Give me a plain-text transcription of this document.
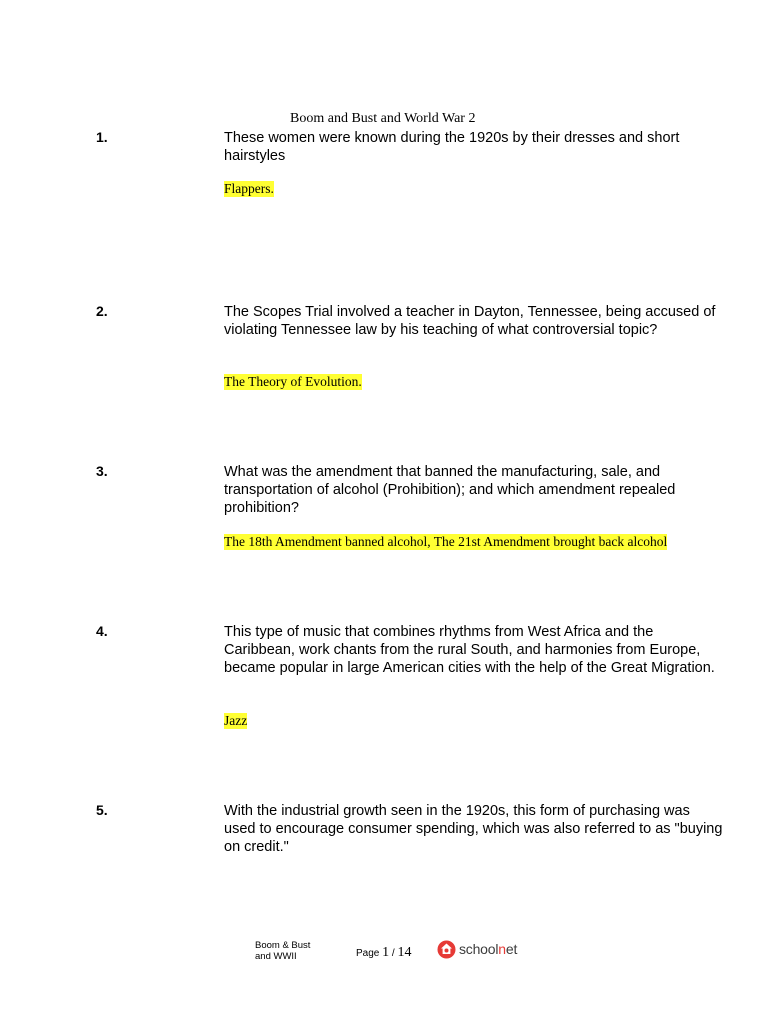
Boom and Bust and World War 2
1.	These women were known during the 1920s by their dresses and short hairstyles
Flappers.
2.	The Scopes Trial involved a teacher in Dayton, Tennessee, being accused of violating Tennessee law by his teaching of what controversial topic?
The Theory of Evolution.
3.	What was the amendment that banned the manufacturing, sale, and transportation of alcohol (Prohibition); and which amendment repealed prohibition?
The 18th Amendment banned alcohol, The 21st Amendment brought back alcohol
4.	This type of music that combines rhythms from West Africa and the Caribbean, work chants from the rural South, and harmonies from Europe, became popular in large American cities with the help of the Great Migration.
Jazz
5.	With the industrial growth seen in the 1920s, this form of purchasing was used to encourage consumer spending, which was also referred to as "buying on credit."
Boom & Bust and WWII	Page 1 / 14	schoolnet
